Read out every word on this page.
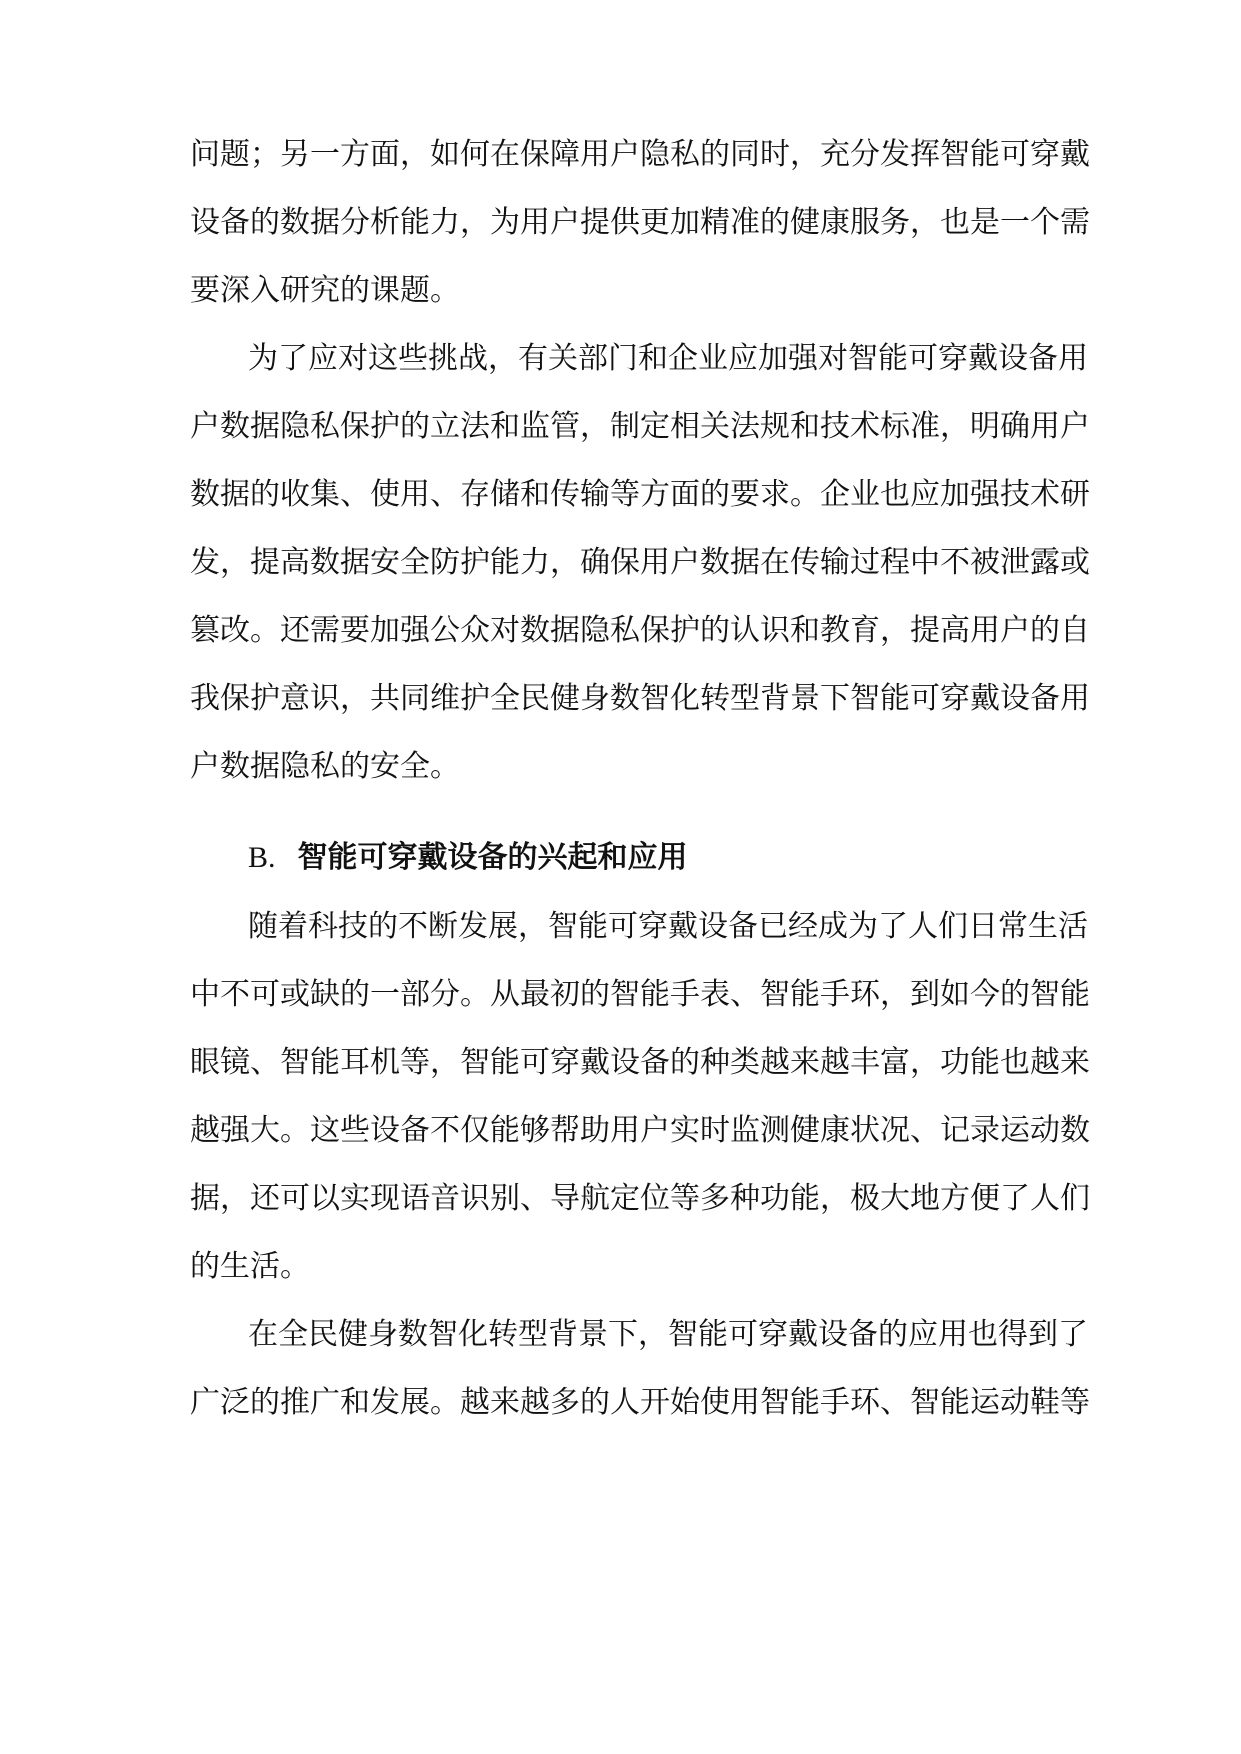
问题；另一方面，如何在保障用户隐私的同时，充分发挥智能可穿戴
设备的数据分析能力，为用户提供更加精准的健康服务，也是一个需
要深入研究的课题。
为了应对这些挑战，有关部门和企业应加强对智能可穿戴设备用
户数据隐私保护的立法和监管，制定相关法规和技术标准，明确用户
数据的收集、使用、存储和传输等方面的要求。企业也应加强技术研
发，提高数据安全防护能力，确保用户数据在传输过程中不被泄露或
篡改。还需要加强公众对数据隐私保护的认识和教育，提高用户的自
我保护意识，共同维护全民健身数智化转型背景下智能可穿戴设备用
户数据隐私的安全。
B. 智能可穿戴设备的兴起和应用
随着科技的不断发展，智能可穿戴设备已经成为了人们日常生活
中不可或缺的一部分。从最初的智能手表、智能手环，到如今的智能
眼镜、智能耳机等，智能可穿戴设备的种类越来越丰富，功能也越来
越强大。这些设备不仅能够帮助用户实时监测健康状况、记录运动数
据，还可以实现语音识别、导航定位等多种功能，极大地方便了人们
的生活。
在全民健身数智化转型背景下，智能可穿戴设备的应用也得到了
广泛的推广和发展。越来越多的人开始使用智能手环、智能运动鞋等
